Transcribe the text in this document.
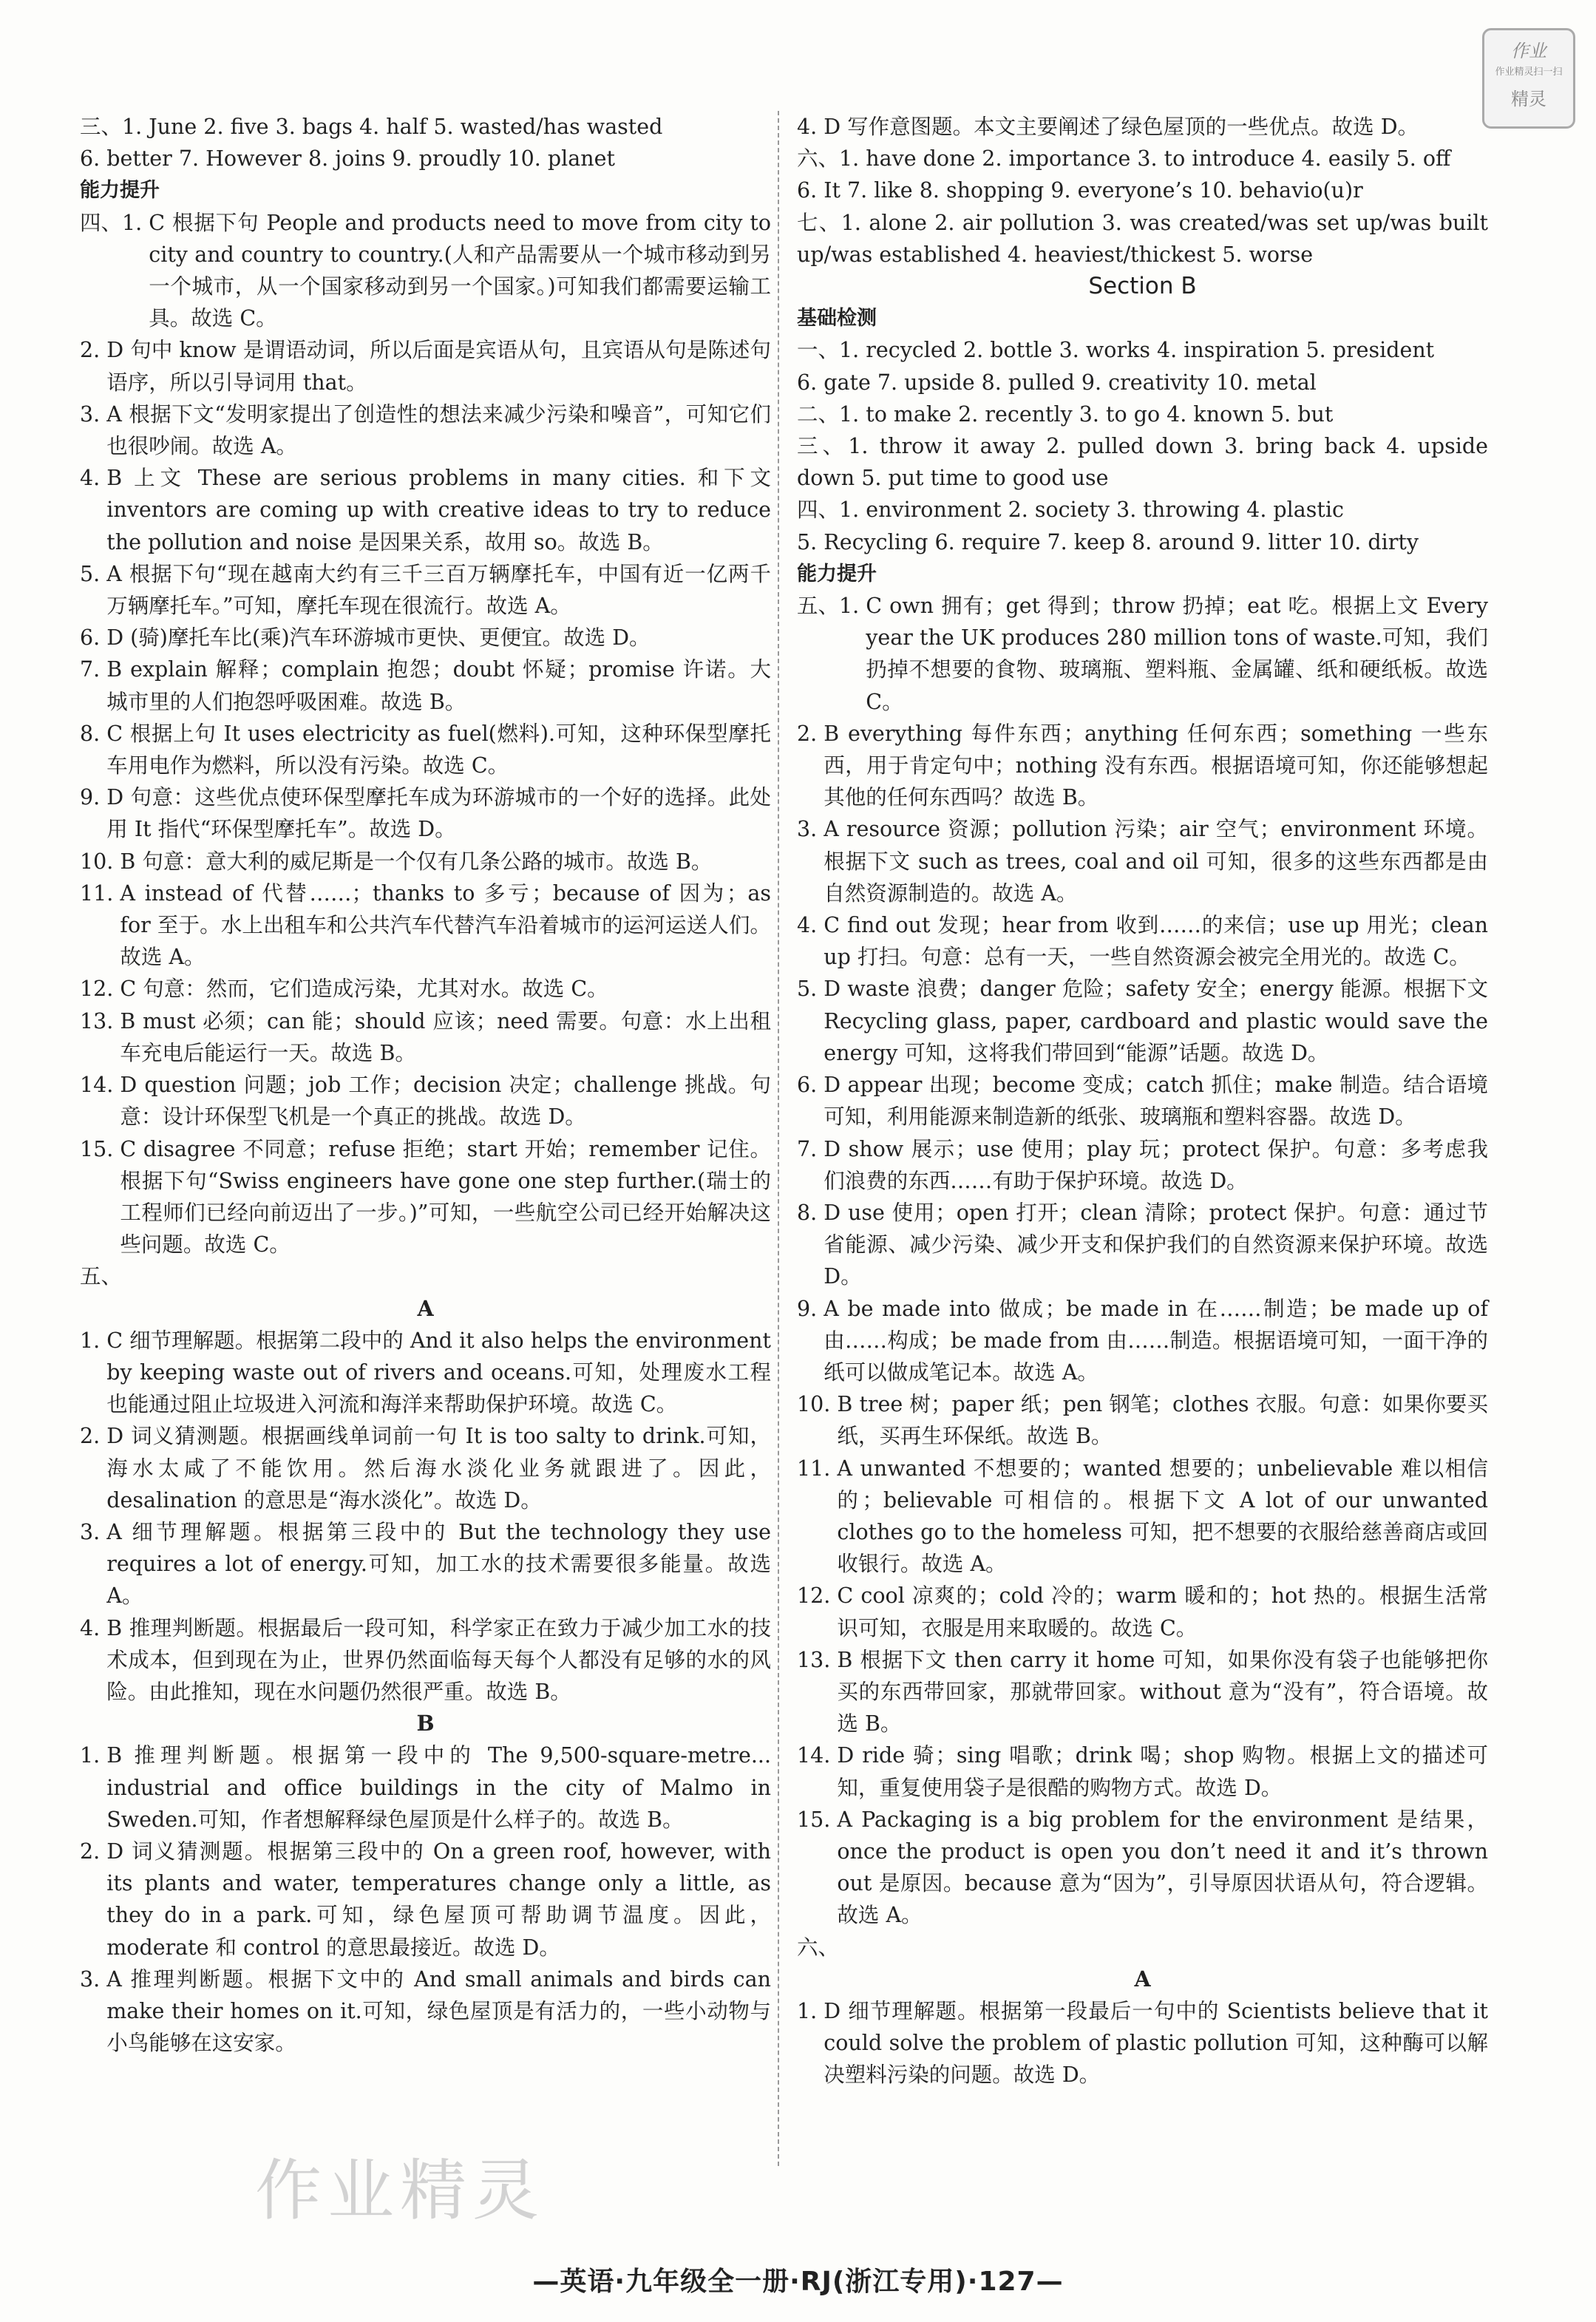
作业
作业精灵扫一扫
精灵
三、1. June 2. five 3. bags 4. half 5. wasted/has wasted
6. better 7. However 8. joins 9. proudly 10. planet
能力提升
四、1. C 根据下句 People and products need to move from city to city and country to country.(人和产品需要从一个城市移动到另一个城市，从一个国家移动到另一个国家。)可知我们都需要运输工具。故选 C。
2. D 句中 know 是谓语动词，所以后面是宾语从句，且宾语从句是陈述句语序，所以引导词用 that。
3. A 根据下文“发明家提出了创造性的想法来减少污染和噪音”，可知它们也很吵闹。故选 A。
4. B 上文 These are serious problems in many cities. 和下文 inventors are coming up with creative ideas to try to reduce the pollution and noise 是因果关系，故用 so。故选 B。
5. A 根据下句“现在越南大约有三千三百万辆摩托车，中国有近一亿两千万辆摩托车。”可知，摩托车现在很流行。故选 A。
6. D (骑)摩托车比(乘)汽车环游城市更快、更便宜。故选 D。
7. B explain 解释；complain 抱怨；doubt 怀疑；promise 许诺。大城市里的人们抱怨呼吸困难。故选 B。
8. C 根据上句 It uses electricity as fuel(燃料).可知，这种环保型摩托车用电作为燃料，所以没有污染。故选 C。
9. D 句意：这些优点使环保型摩托车成为环游城市的一个好的选择。此处用 It 指代“环保型摩托车”。故选 D。
10. B 句意：意大利的威尼斯是一个仅有几条公路的城市。故选 B。
11. A instead of 代替……；thanks to 多亏；because of 因为；as for 至于。水上出租车和公共汽车代替汽车沿着城市的运河运送人们。故选 A。
12. C 句意：然而，它们造成污染，尤其对水。故选 C。
13. B must 必须；can 能；should 应该；need 需要。句意：水上出租车充电后能运行一天。故选 B。
14. D question 问题；job 工作；decision 决定；challenge 挑战。句意：设计环保型飞机是一个真正的挑战。故选 D。
15. C disagree 不同意；refuse 拒绝；start 开始；remember 记住。根据下句“Swiss engineers have gone one step further.(瑞士的工程师们已经向前迈出了一步。)”可知，一些航空公司已经开始解决这些问题。故选 C。
五、
A
1. C 细节理解题。根据第二段中的 And it also helps the environment by keeping waste out of rivers and oceans.可知，处理废水工程也能通过阻止垃圾进入河流和海洋来帮助保护环境。故选 C。
2. D 词义猜测题。根据画线单词前一句 It is too salty to drink.可知，海水太咸了不能饮用。然后海水淡化业务就跟进了。因此，desalination 的意思是“海水淡化”。故选 D。
3. A 细节理解题。根据第三段中的 But the technology they use requires a lot of energy.可知，加工水的技术需要很多能量。故选 A。
4. B 推理判断题。根据最后一段可知，科学家正在致力于减少加工水的技术成本，但到现在为止，世界仍然面临每天每个人都没有足够的水的风险。由此推知，现在水问题仍然很严重。故选 B。
B
1. B 推理判断题。根据第一段中的 The 9,500-square-metre... industrial and office buildings in the city of Malmo in Sweden.可知，作者想解释绿色屋顶是什么样子的。故选 B。
2. D 词义猜测题。根据第三段中的 On a green roof, however, with its plants and water, temperatures change only a little, as they do in a park.可知，绿色屋顶可帮助调节温度。因此，moderate 和 control 的意思最接近。故选 D。
3. A 推理判断题。根据下文中的 And small animals and birds can make their homes on it.可知，绿色屋顶是有活力的，一些小动物与小鸟能够在这安家。
4. D 写作意图题。本文主要阐述了绿色屋顶的一些优点。故选 D。
六、1. have done 2. importance 3. to introduce 4. easily 5. off
6. It 7. like 8. shopping 9. everyone’s 10. behavio(u)r
七、1. alone 2. air pollution 3. was created/was set up/was built up/was established 4. heaviest/thickest 5. worse
Section B
基础检测
一、1. recycled 2. bottle 3. works 4. inspiration 5. president
6. gate 7. upside 8. pulled 9. creativity 10. metal
二、1. to make 2. recently 3. to go 4. known 5. but
三、1. throw it away 2. pulled down 3. bring back 4. upside down 5. put time to good use
四、1. environment 2. society 3. throwing 4. plastic
5. Recycling 6. require 7. keep 8. around 9. litter 10. dirty
能力提升
五、1. C own 拥有；get 得到；throw 扔掉；eat 吃。根据上文 Every year the UK produces 280 million tons of waste.可知，我们扔掉不想要的食物、玻璃瓶、塑料瓶、金属罐、纸和硬纸板。故选 C。
2. B everything 每件东西；anything 任何东西；something 一些东西，用于肯定句中；nothing 没有东西。根据语境可知，你还能够想起其他的任何东西吗？故选 B。
3. A resource 资源；pollution 污染；air 空气；environment 环境。根据下文 such as trees, coal and oil 可知，很多的这些东西都是由自然资源制造的。故选 A。
4. C find out 发现；hear from 收到……的来信；use up 用光；clean up 打扫。句意：总有一天，一些自然资源会被完全用光的。故选 C。
5. D waste 浪费；danger 危险；safety 安全；energy 能源。根据下文 Recycling glass, paper, cardboard and plastic would save the energy 可知，这将我们带回到“能源”话题。故选 D。
6. D appear 出现；become 变成；catch 抓住；make 制造。结合语境可知，利用能源来制造新的纸张、玻璃瓶和塑料容器。故选 D。
7. D show 展示；use 使用；play 玩；protect 保护。句意：多考虑我们浪费的东西……有助于保护环境。故选 D。
8. D use 使用；open 打开；clean 清除；protect 保护。句意：通过节省能源、减少污染、减少开支和保护我们的自然资源来保护环境。故选 D。
9. A be made into 做成；be made in 在……制造；be made up of 由……构成；be made from 由……制造。根据语境可知，一面干净的纸可以做成笔记本。故选 A。
10. B tree 树；paper 纸；pen 钢笔；clothes 衣服。句意：如果你要买纸，买再生环保纸。故选 B。
11. A unwanted 不想要的；wanted 想要的；unbelievable 难以相信的；believable 可相信的。根据下文 A lot of our unwanted clothes go to the homeless 可知，把不想要的衣服给慈善商店或回收银行。故选 A。
12. C cool 凉爽的；cold 冷的；warm 暖和的；hot 热的。根据生活常识可知，衣服是用来取暖的。故选 C。
13. B 根据下文 then carry it home 可知，如果你没有袋子也能够把你买的东西带回家，那就带回家。without 意为“没有”，符合语境。故选 B。
14. D ride 骑；sing 唱歌；drink 喝；shop 购物。根据上文的描述可知，重复使用袋子是很酷的购物方式。故选 D。
15. A Packaging is a big problem for the environment 是结果，once the product is open you don’t need it and it’s thrown out 是原因。because 意为“因为”，引导原因状语从句，符合逻辑。故选 A。
六、
A
1. D 细节理解题。根据第一段最后一句中的 Scientists believe that it could solve the problem of plastic pollution 可知，这种酶可以解决塑料污染的问题。故选 D。
作业精灵
—英语·九年级全一册·RJ(浙江专用)·127—
